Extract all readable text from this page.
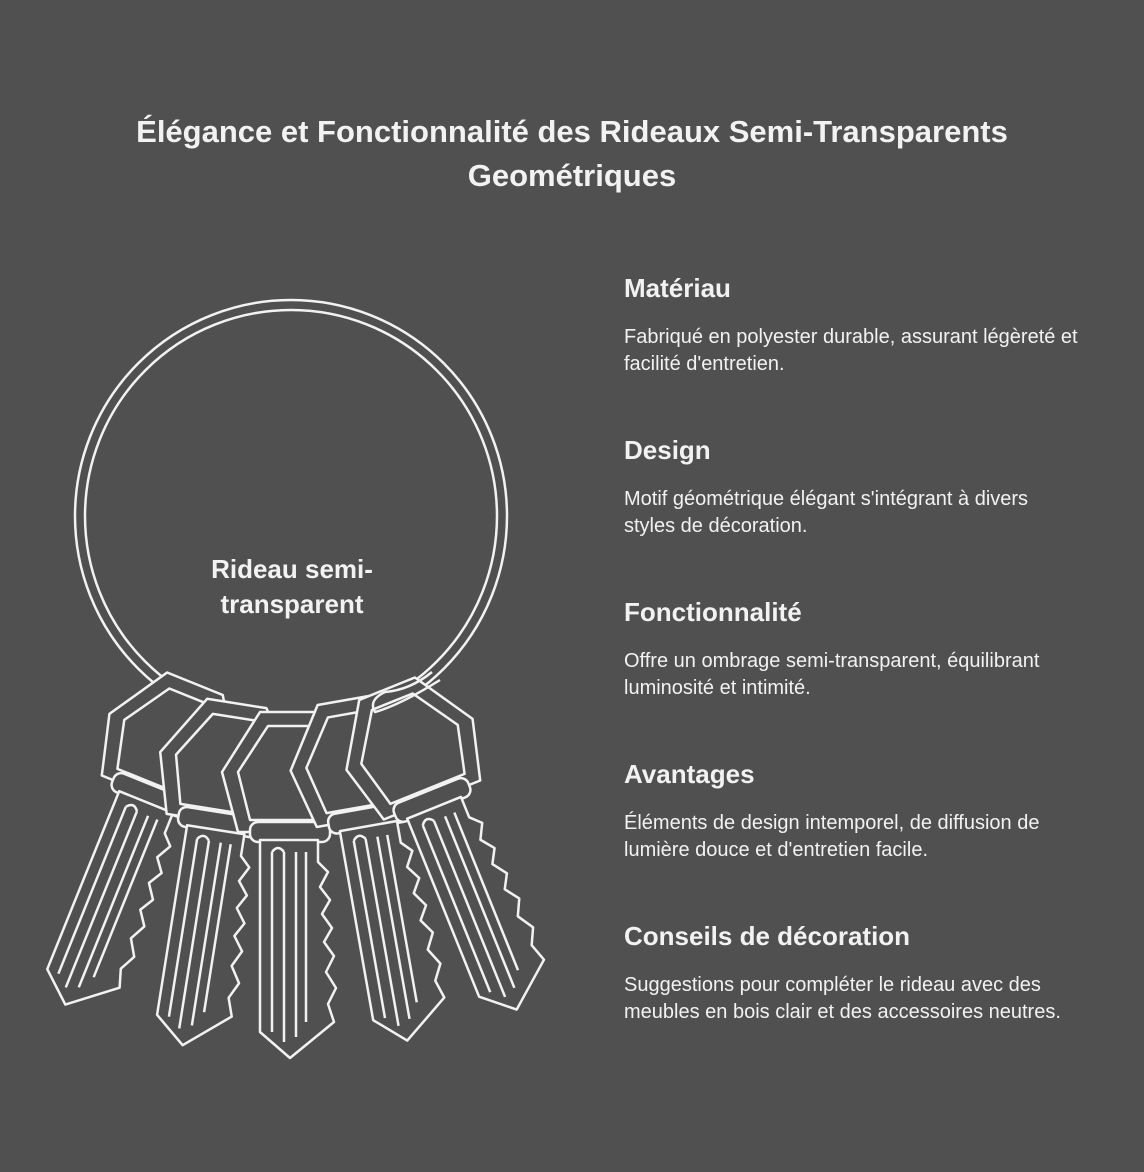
Élégance et Fonctionnalité des Rideaux Semi-Transparents Geométriques
Rideau semi-transparent
Matériau

Fabriqué en polyester durable, assurant légèreté et facilité d'entretien.

Design

Motif géométrique élégant s'intégrant à divers styles de décoration.

Fonctionnalité

Offre un ombrage semi-transparent, équilibrant luminosité et intimité.

Avantages

Éléments de design intemporel, de diffusion de lumière douce et d'entretien facile.

Conseils de décoration

Suggestions pour compléter le rideau avec des meubles en bois clair et des accessoires neutres.
